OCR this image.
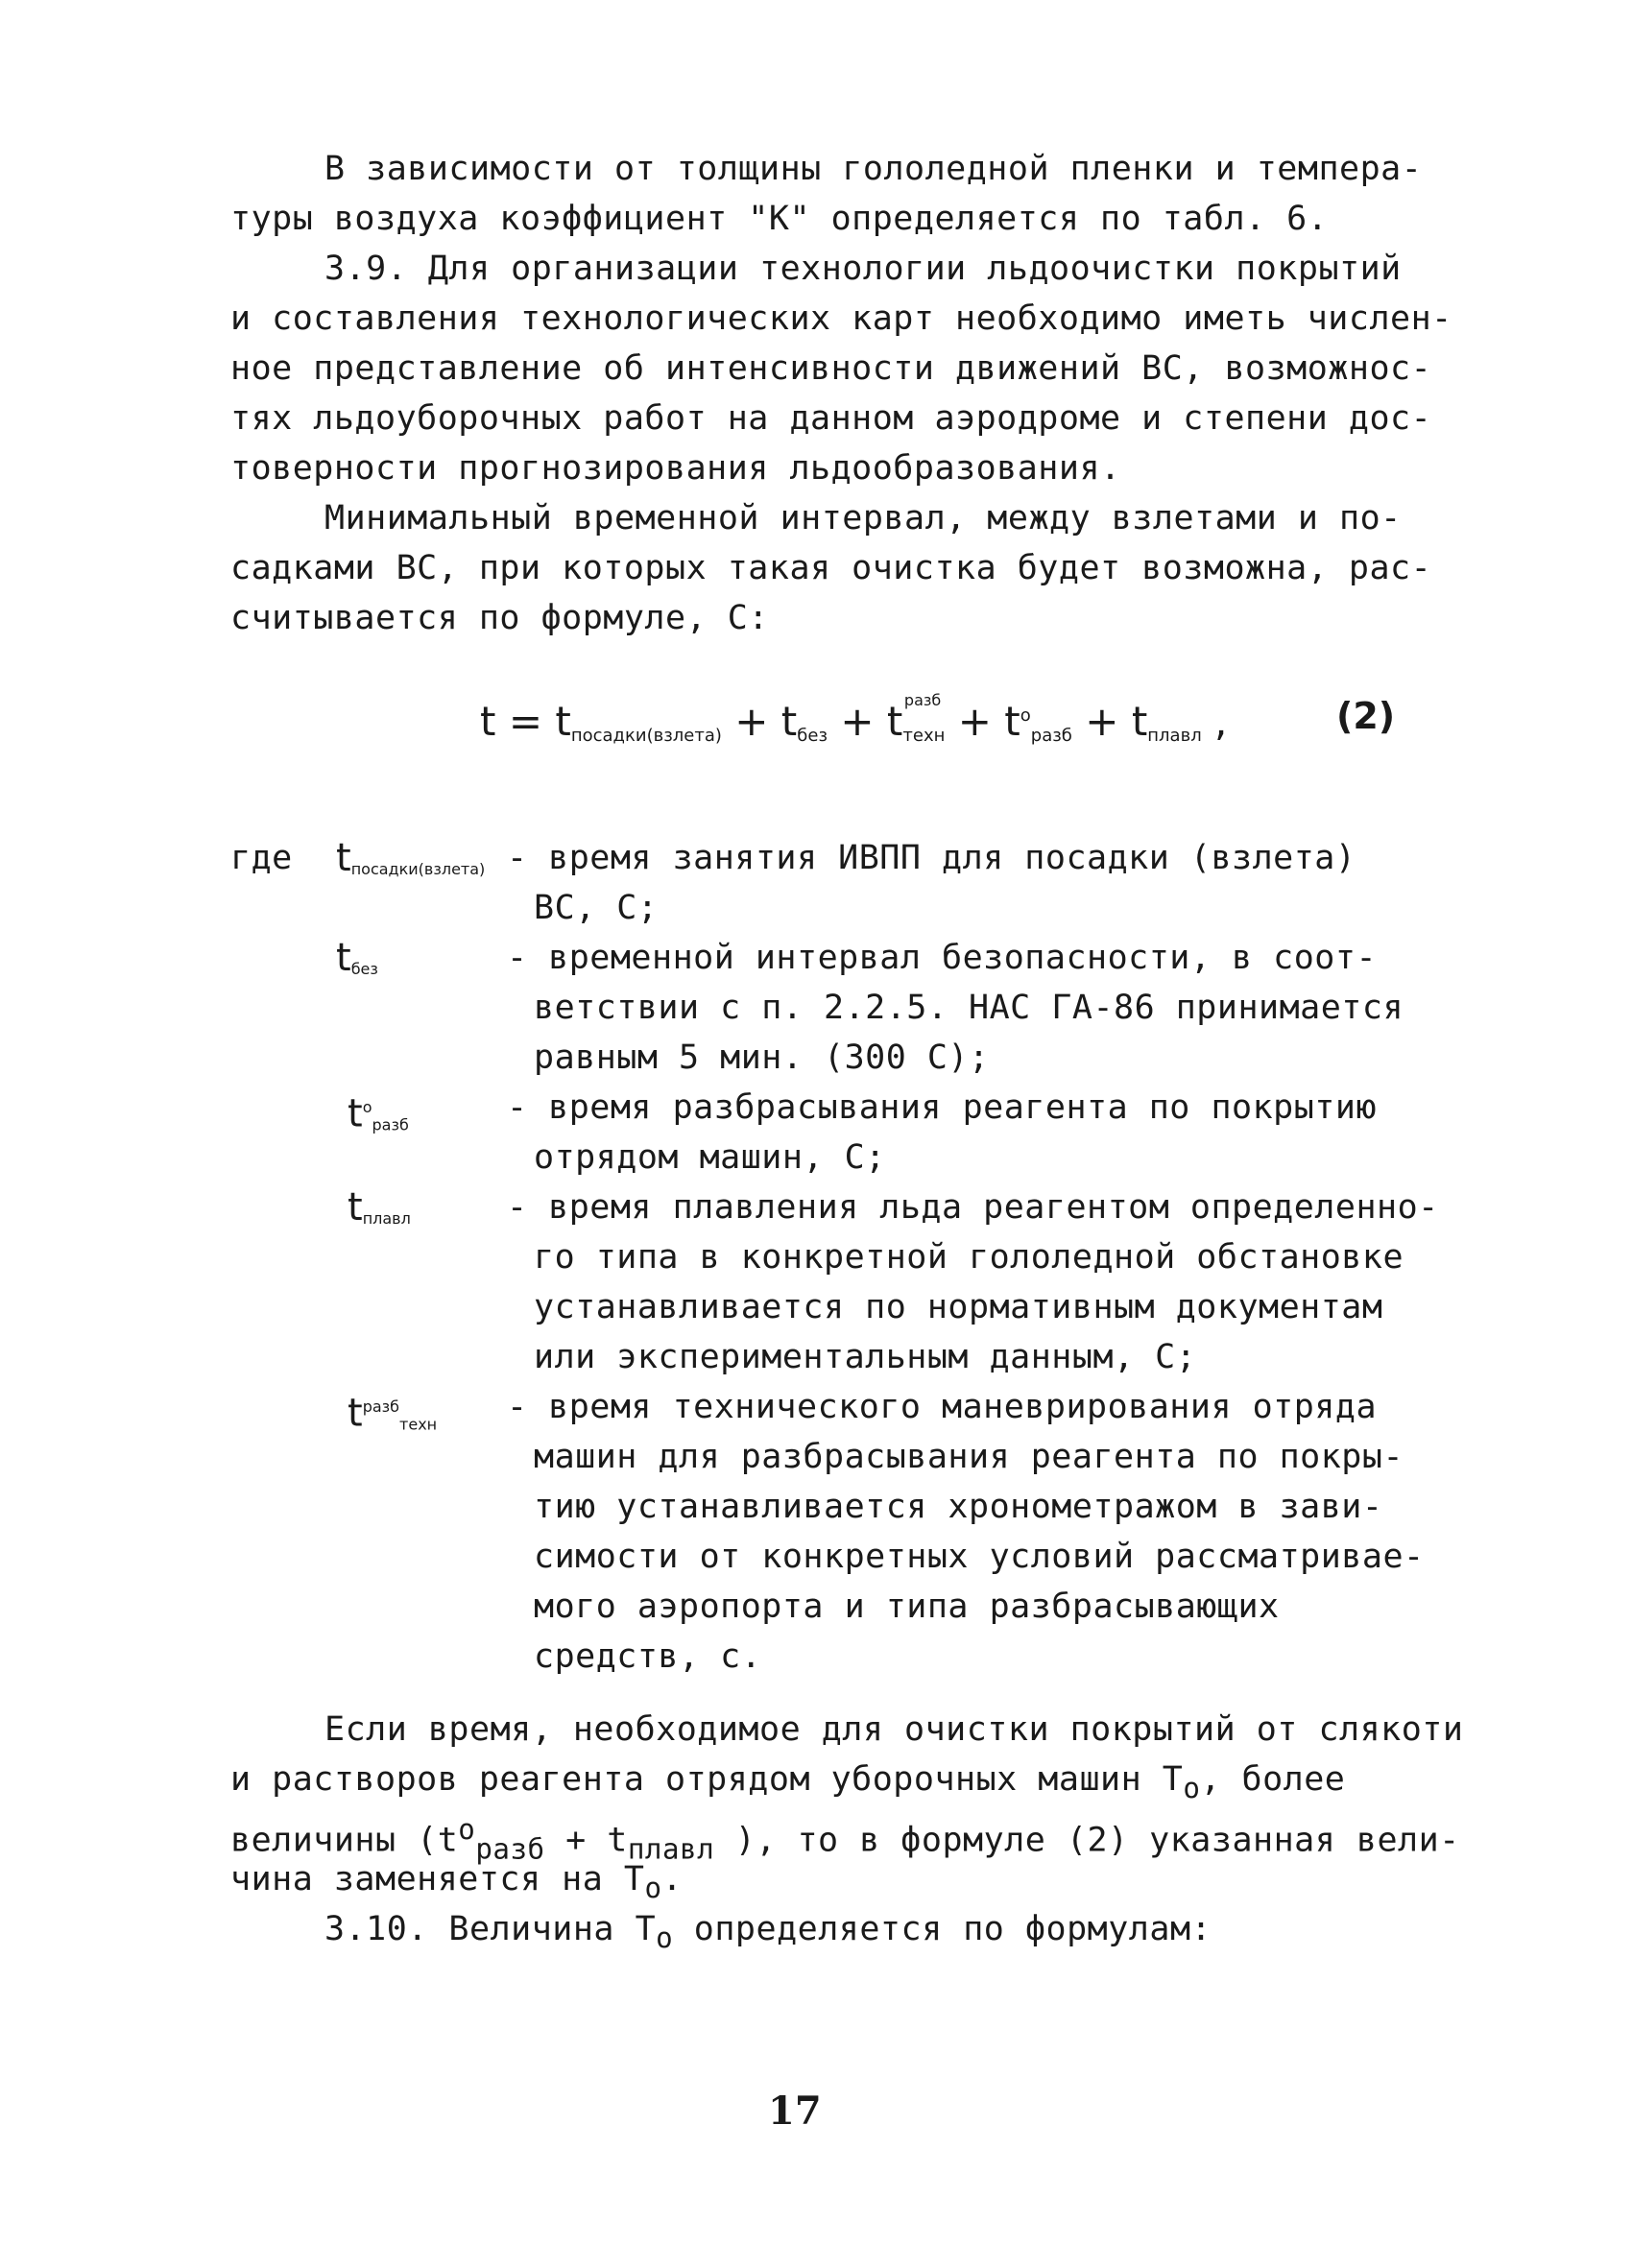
В зависимости от толщины гололедной пленки и темпера-
туры воздуха коэффициент "К" определяется по табл. 6.
3.9. Для организации технологии льдоочистки покрытий
и составления технологических карт необходимо иметь числен-
ное представление об интенсивности движений ВС, возможнос-
тях льдоуборочных работ на данном аэродроме и степени дос-
товерности прогнозирования льдообразования.
Минимальный временной интервал, между взлетами и по-
садками ВС, при которых такая очистка будет возможна, рас-
считывается по формуле, С:
$t = t_{посадки(взлета)} + t_{без} + t$ разб
$_{техн} + t^о_{разб} + t_{плавл}$ ,	(2)
где $t_{посадки(взлета)}$ - время занятия ИВПП для посадки (взлета)
ВС, С;
$t_{без}$	- временной интервал безопасности, в соот-
ветствии с п. 2.2.5. НАС ГА-86 принимается
равным 5 мин. (300 С);
$t^о_{разб}$	- время разбрасывания реагента по покрытию
отрядом машин, С;
$t_{плавл}$	- время плавления льда реагентом определенно-
го типа в конкретной гололедной обстановке
устанавливается по нормативным документам
или экспериментальным данным, С;
$t^{разб}_{техн}$ - время технического маневрирования отряда
машин для разбрасывания реагента по покры-
тию устанавливается хронометражом в зави-
симости от конкретных условий рассматривае-
мого аэропорта и типа разбрасывающих
средств, с.
Если время, необходимое для очистки покрытий от слякоти
и растворов реагента отрядом уборочных машин $Т_о$, более
величины ($t^о_{разб} + t_{плавл}$ ), то в формуле (2) указанная вели-
чина заменяется на $Т_о$.
3.10. Величина $Т_о$ определяется по формулам:
17
